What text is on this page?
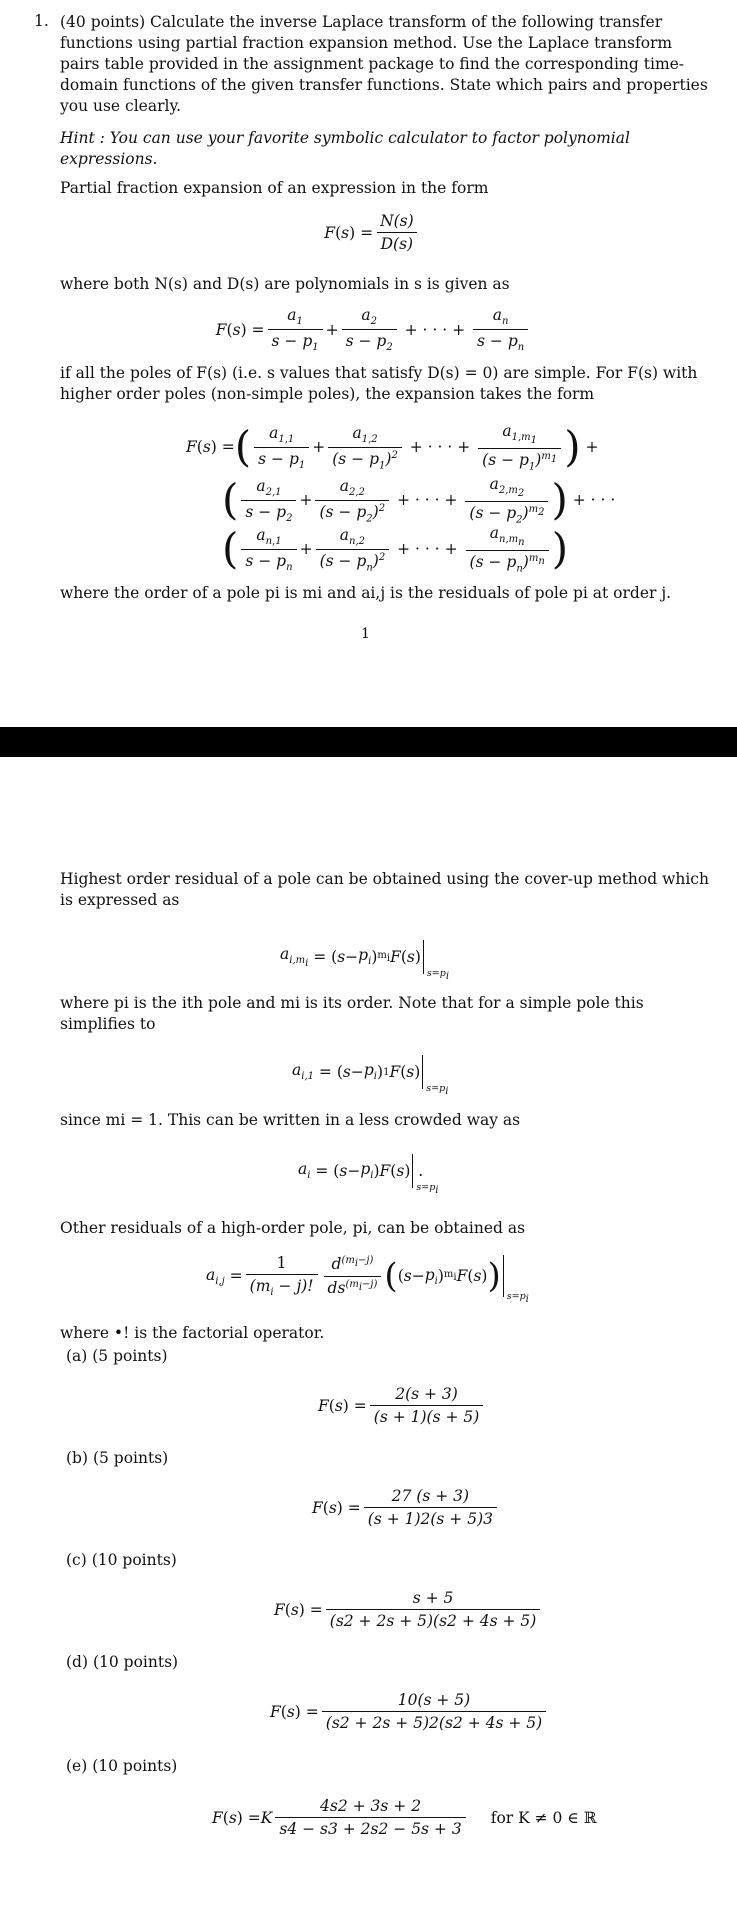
1. (40 points) Calculate the inverse Laplace transform of the following transfer functions using partial fraction expansion method. Use the Laplace transform pairs table provided in the assignment package to find the corresponding time-domain functions of the given transfer functions. State which pairs and properties you use clearly.
Hint : You can use your favorite symbolic calculator to factor polynomial expressions.
Partial fraction expansion of an expression in the form
F ( s ) = $\frac{N(s)}{D(s)}$
where both N(s) and D(s) are polynomials in s is given as
F ( s ) = $\frac{a_1}{s - p_1} + \frac{a_2}{s - p_2}$ + · · · + $\frac{a_n}{s - p_n}$
if all the poles of F(s) (i.e. s values that satisfy D(s) = 0) are simple. For F(s) with higher order poles (non-simple poles), the expansion takes the form
F ( s ) = ( $\frac{a_{1,1}}{s - p_1} + \frac{a_{1,2}}{(s - p_1)^2}$ + · · · + $\frac{a_{1,m_1}}{(s - p_1)^{m_1}}$ ) +
( $\frac{a_{2,1}}{s - p_2} + \frac{a_{2,2}}{(s - p_2)^2}$ + · · · + $\frac{a_{2,m_2}}{(s - p_2)^{m_2}}$ ) + · · ·
( $\frac{a_{n,1}}{s - p_n} + \frac{a_{n,2}}{(s - p_n)^2}$ + · · · + $\frac{a_{n,m_n}}{(s - p_n)^{m_n}}$ )
where the order of a pole pi is mi and ai,j is the residuals of pole pi at order j.
1
Highest order residual of a pole can be obtained using the cover-up method which is expressed as
$a_{i,m_i}$ = ( $s - p_i$ ) $m_i$ F ( s )
$s=p_i$
where pi is the ith pole and mi is its order. Note that for a simple pole this simplifies to
$a_{i,1}$ = ( $s - p_i$ ) 1 F ( s )
$s=p_i$
since mi = 1. This can be written in a less crowded way as
$a_i$ = ( $s - p_i$ ) F ( s )
$s=p_i$
.
Other residuals of a high-order pole, pi, can be obtained as
$a_{i,j} = \frac{1}{(m_i - j)!} \frac{d^{(m_i-j)}}{ds^{(m_i-j)}}$ ( ( $s - p_i$ ) $m_i$ F ( s ) )
$s=p_i$
where •! is the factorial operator.
(a) (5 points)
F ( s ) = $\frac{2(s + 3)}{(s + 1)(s + 5)}$
(b) (5 points)
F ( s ) = $\frac{27 (s + 3)}{(s + 1)2(s + 5)3}$
(c) (10 points)
F ( s ) = $\frac{s + 5}{(s2 + 2s + 5)(s2 + 4s + 5)}$
(d) (10 points)
F ( s ) = $\frac{10(s + 5)}{(s2 + 2s + 5)2(s2 + 4s + 5)}$
(e) (10 points)
F ( s ) = K $\frac{4s2 + 3s + 2}{s4 - s3 + 2s2 - 5s + 3}$ for K ≠ 0 ∈ ℝ
